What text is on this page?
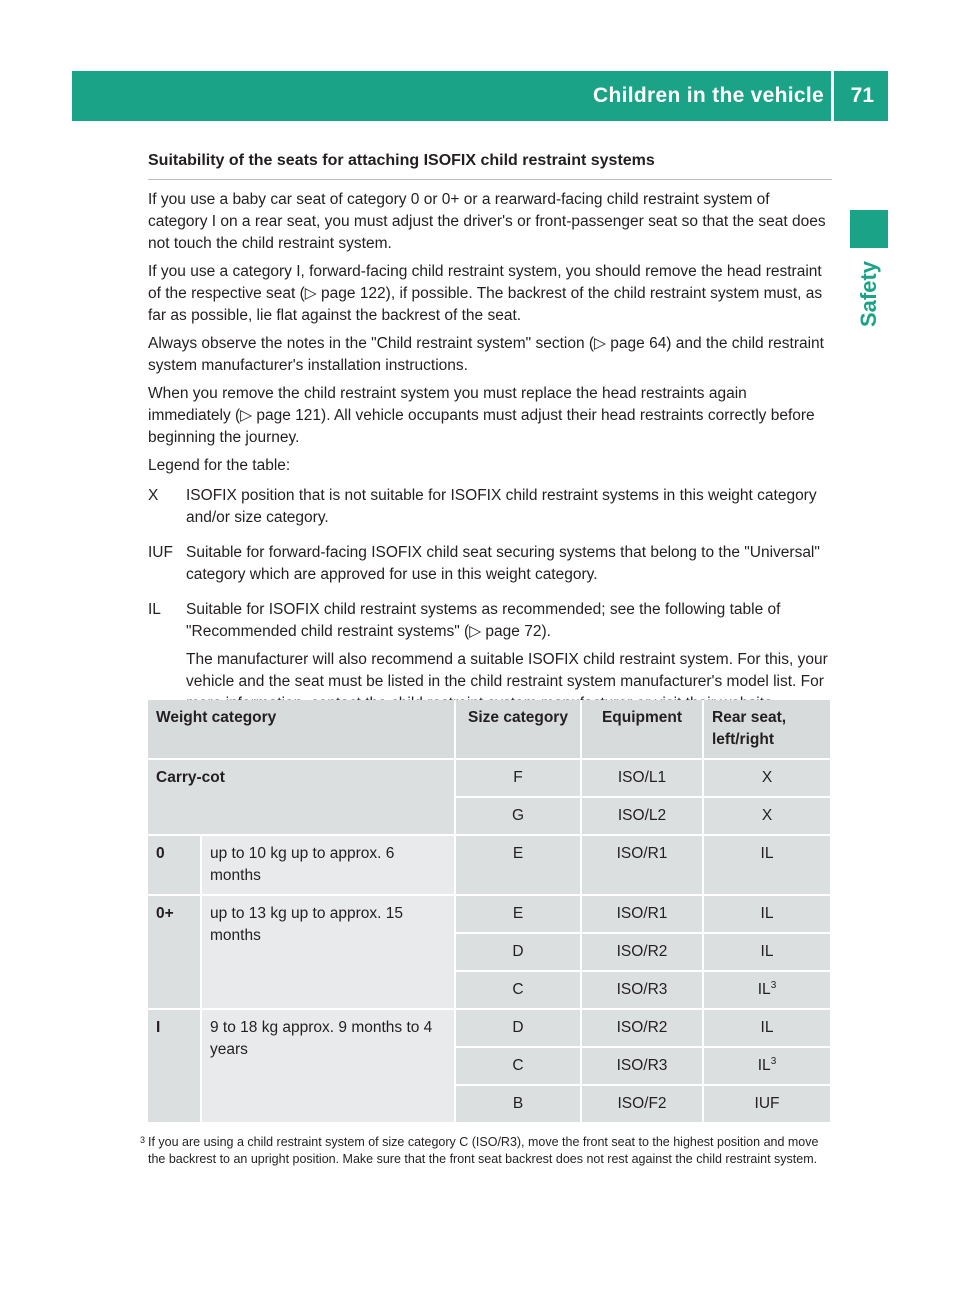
Children in the vehicle 71
Safety
Suitability of the seats for attaching ISOFIX child restraint systems

If you use a baby car seat of category 0 or 0+ or a rearward-facing child restraint system of category I on a rear seat, you must adjust the driver's or front-passenger seat so that the seat does not touch the child restraint system.

If you use a category I, forward-facing child restraint system, you should remove the head restraint of the respective seat (▷ page 122), if possible. The backrest of the child restraint system must, as far as possible, lie flat against the backrest of the seat.

Always observe the notes in the "Child restraint system" section (▷ page 64) and the child restraint system manufacturer's installation instructions.

When you remove the child restraint system you must replace the head restraints again immediately (▷ page 121). All vehicle occupants must adjust their head restraints correctly before beginning the journey.

Legend for the table:

X	ISOFIX position that is not suitable for ISOFIX child restraint systems in this weight category and/or size category.

IUF Suitable for forward-facing ISOFIX child seat securing systems that belong to the "Universal" category which are approved for use in this weight category.

IL	Suitable for ISOFIX child restraint systems as recommended; see the following table of "Recommended child restraint systems" (▷ page 72).

The manufacturer will also recommend a suitable ISOFIX child restraint system. For this, your vehicle and the seat must be listed in the child restraint system manufacturer's model list. For

Weight category		Size category	Equipment	Rear seat, left/right
Carry-cot		F	ISO/L1	X
		G	ISO/L2	X
0	up to 10 kg up to approx. 6 months	E	ISO/R1	IL
0+	up to 13 kg up to approx. 15 months	E	ISO/R1	IL
		D	ISO/R2	IL
		C	ISO/R3	$IL^3$
I	9 to 18 kg approx. 9 months to 4 years	D	ISO/R2	IL
		C	ISO/R3	$IL^3$
		B	ISO/F2	IUF
3 If you are using a child restraint system of size category C (ISO/R3), move the front seat to the highest position and move the backrest to an upright position. Make sure that the front seat backrest does not rest against the child restraint system.
